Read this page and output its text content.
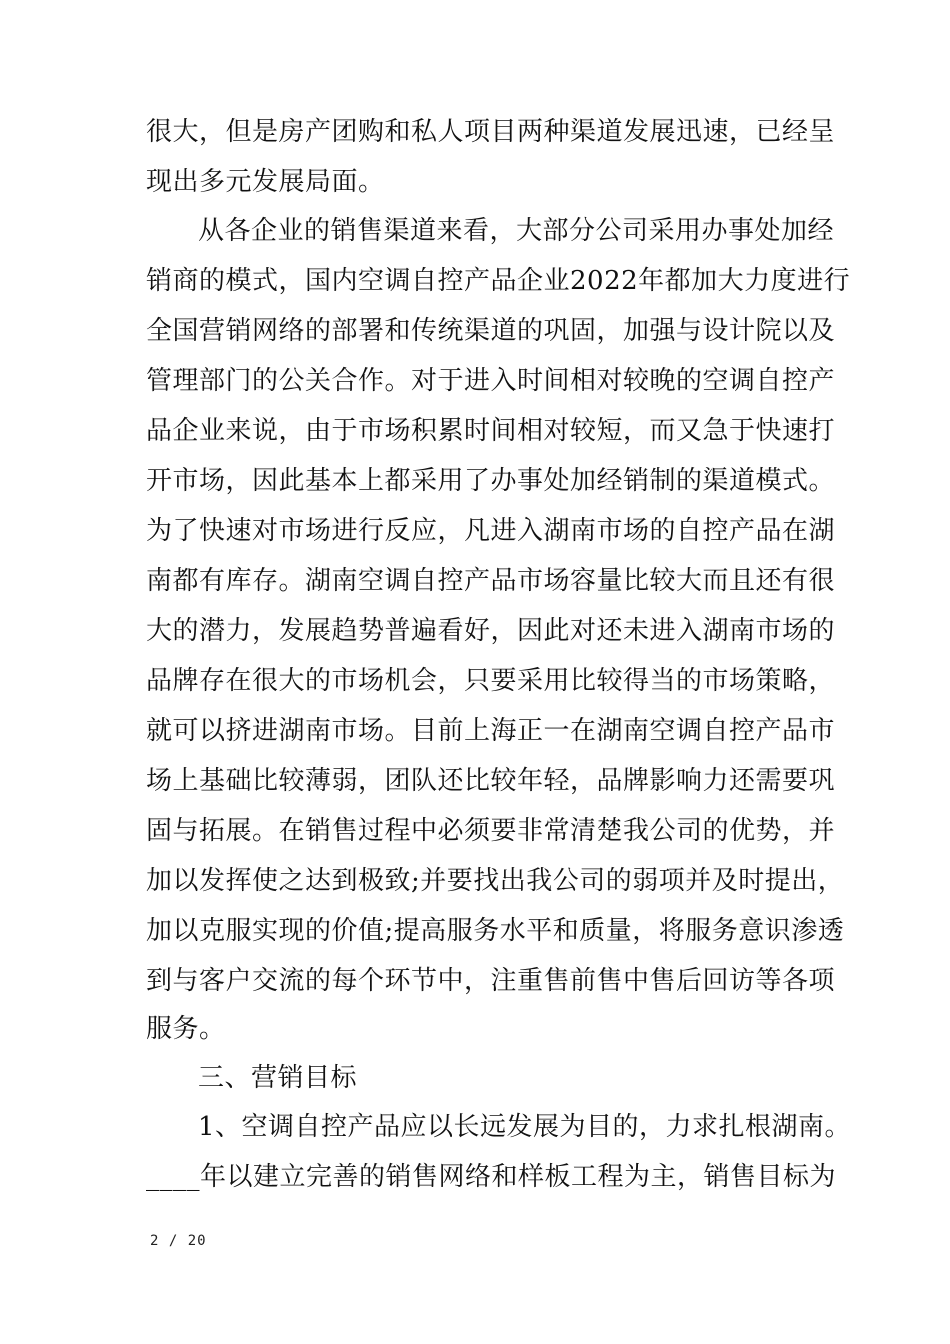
很大，但是房产团购和私人项目两种渠道发展迅速，已经呈
现出多元发展局面。
从各企业的销售渠道来看，大部分公司采用办事处加经
销商的模式，国内空调自控产品企业2022年都加大力度进行
全国营销网络的部署和传统渠道的巩固，加强与设计院以及
管理部门的公关合作。对于进入时间相对较晚的空调自控产
品企业来说，由于市场积累时间相对较短，而又急于快速打
开市场，因此基本上都采用了办事处加经销制的渠道模式。
为了快速对市场进行反应，凡进入湖南市场的自控产品在湖
南都有库存。湖南空调自控产品市场容量比较大而且还有很
大的潜力，发展趋势普遍看好，因此对还未进入湖南市场的
品牌存在很大的市场机会，只要采用比较得当的市场策略，
就可以挤进湖南市场。目前上海正一在湖南空调自控产品市
场上基础比较薄弱，团队还比较年轻，品牌影响力还需要巩
固与拓展。在销售过程中必须要非常清楚我公司的优势，并
加以发挥使之达到极致;并要找出我公司的弱项并及时提出，
加以克服实现的价值;提高服务水平和质量，将服务意识渗透
到与客户交流的每个环节中，注重售前售中售后回访等各项
服务。
三、营销目标
1、空调自控产品应以长远发展为目的，力求扎根湖南。
____年以建立完善的销售网络和样板工程为主，销售目标为
2 / 20
